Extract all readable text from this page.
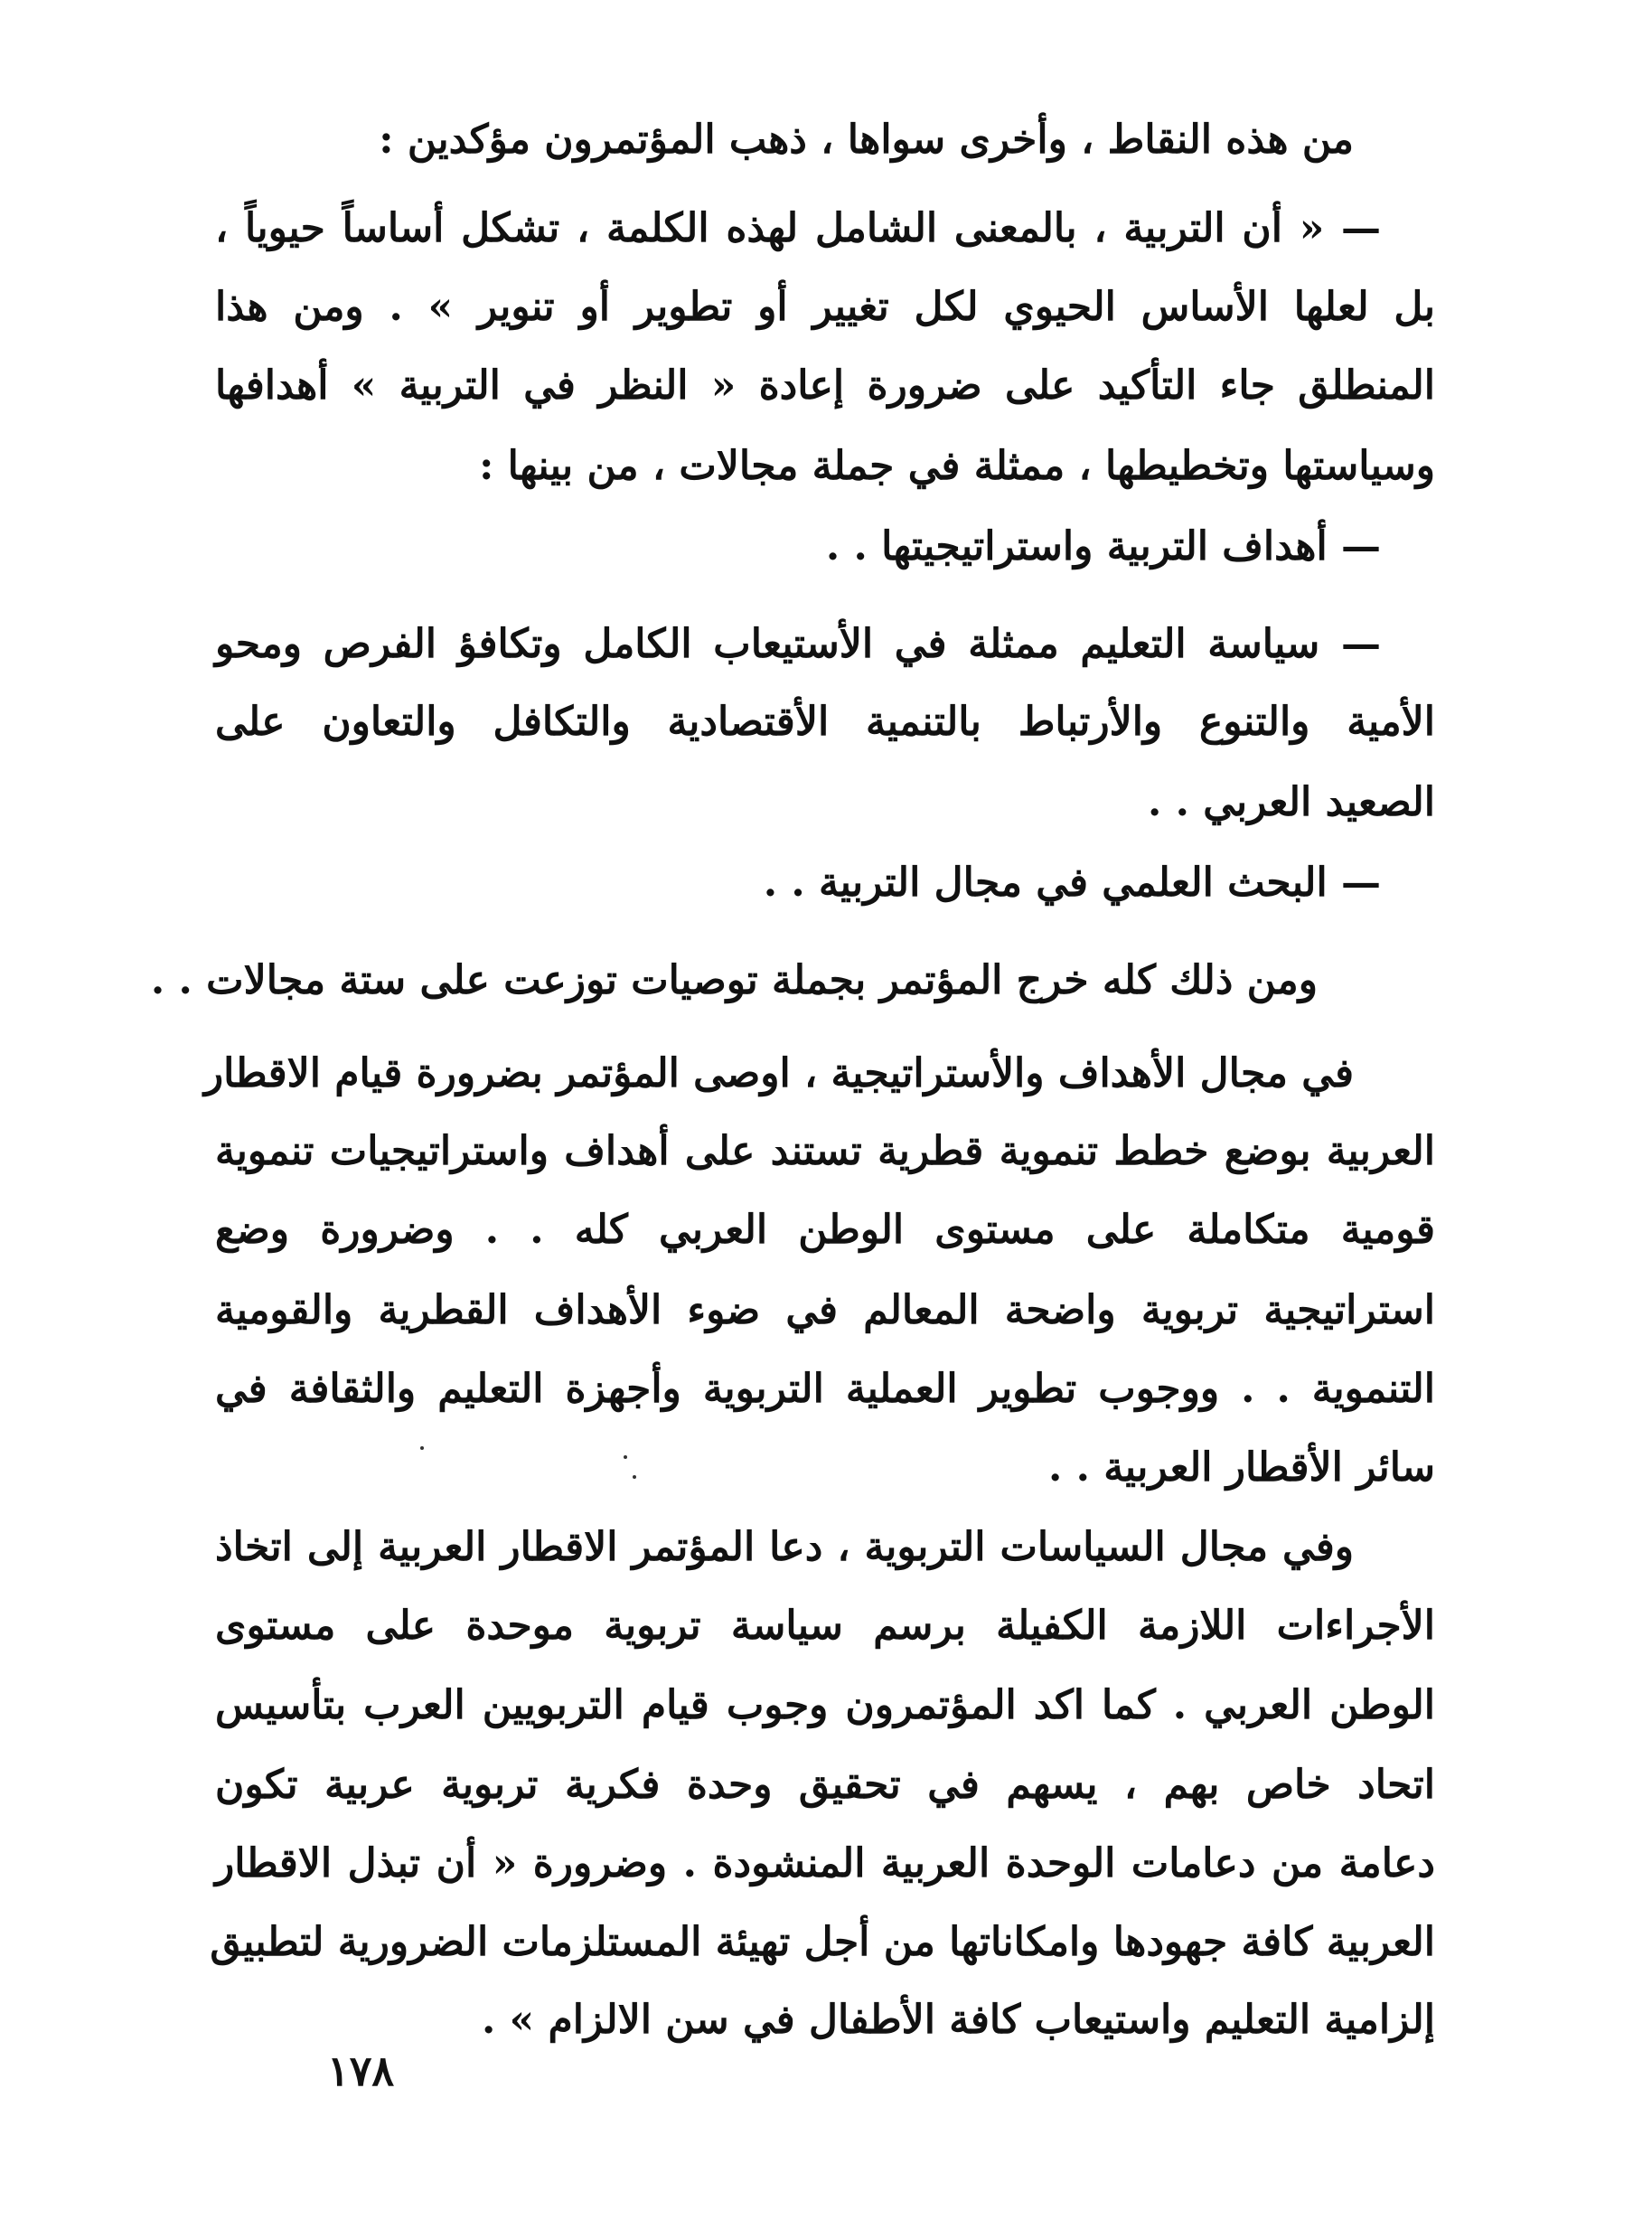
من هذه النقاط ، وأخرى سواها ، ذهب المؤتمرون مؤكدين :
— « أن التربية ، بالمعنى الشامل لهذه الكلمة ، تشكل أساساً حيوياً ،
بل لعلها الأساس الحيوي لكل تغيير أو تطوير أو تنوير » . ومن هذا
المنطلق جاء التأكيد على ضرورة إعادة « النظر في التربية » أهدافها
وسياستها وتخطيطها ، ممثلة في جملة مجالات ، من بينها :
— أهداف التربية واستراتيجيتها . .
— سياسة التعليم ممثلة في الأستيعاب الكامل وتكافؤ الفرص ومحو
الأمية والتنوع والأرتباط بالتنمية الأقتصادية والتكافل والتعاون على
الصعيد العربي . .
— البحث العلمي في مجال التربية . .
ومن ذلك كله خرج المؤتمر بجملة توصيات توزعت على ستة مجالات . .
في مجال الأهداف والأستراتيجية ، اوصى المؤتمر بضرورة قيام الاقطار
العربية بوضع خطط تنموية قطرية تستند على أهداف واستراتيجيات تنموية
قومية متكاملة على مستوى الوطن العربي كله . . وضرورة وضع
استراتيجية تربوية واضحة المعالم في ضوء الأهداف القطرية والقومية
التنموية . . ووجوب تطوير العملية التربوية وأجهزة التعليم والثقافة في
سائر الأقطار العربية . .
وفي مجال السياسات التربوية ، دعا المؤتمر الاقطار العربية إلى اتخاذ
الأجراءات اللازمة الكفيلة برسم سياسة تربوية موحدة على مستوى
الوطن العربي . كما اكد المؤتمرون وجوب قيام التربويين العرب بتأسيس
اتحاد خاص بهم ، يسهم في تحقيق وحدة فكرية تربوية عربية تكون
دعامة من دعامات الوحدة العربية المنشودة . وضرورة « أن تبذل الاقطار
العربية كافة جهودها وامكاناتها من أجل تهيئة المستلزمات الضرورية لتطبيق
إلزامية التعليم واستيعاب كافة الأطفال في سن الالزام » .
١٧٨
